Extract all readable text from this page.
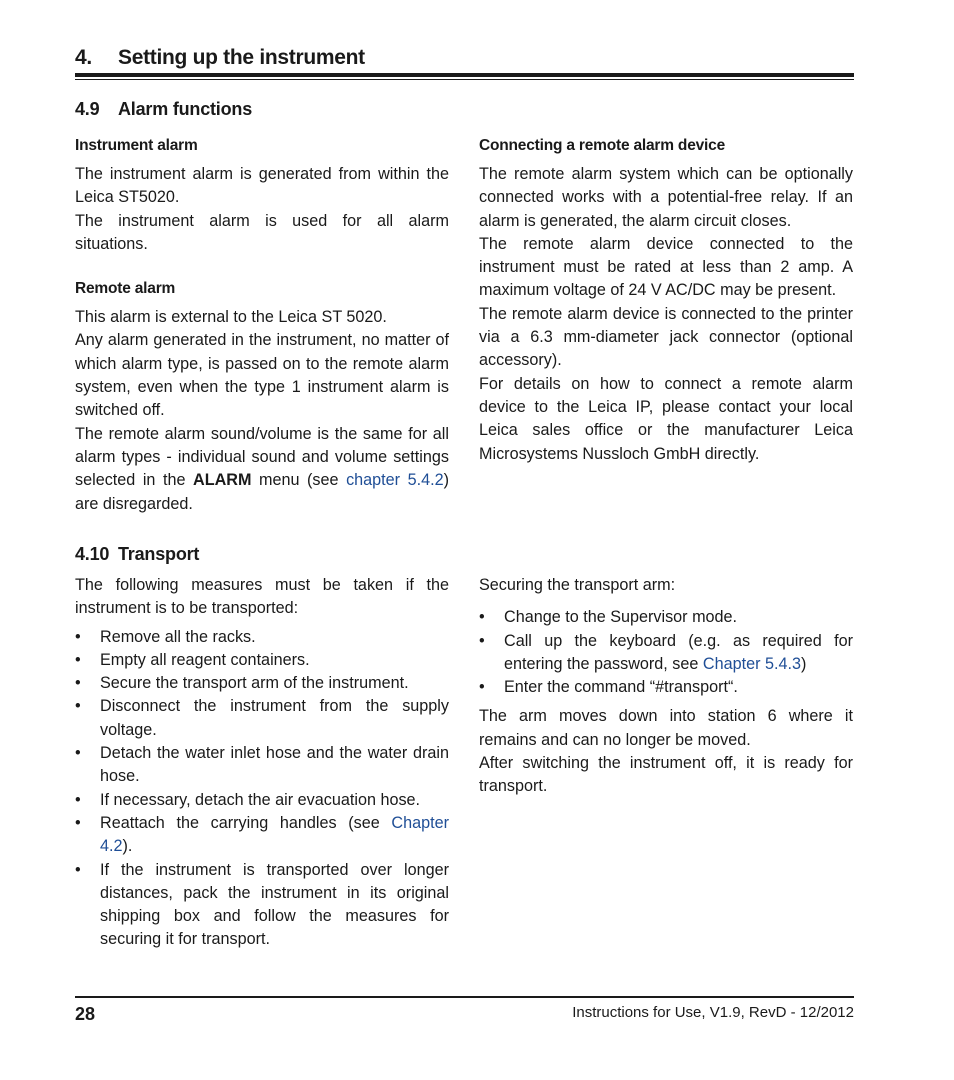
4. Setting up the instrument
4.9 Alarm functions
Instrument alarm

The instrument alarm is generated from within the Leica ST5020.

The instrument alarm is used for all alarm situations.

Remote alarm

This alarm is external to the Leica ST 5020.

Any alarm generated in the instrument, no matter of which alarm type, is passed on to the remote alarm system, even when the type 1 instrument alarm is switched off.

The remote alarm sound/volume is the same for all alarm types - individual sound and volume settings selected in the ALARM menu (see chapter 5.4.2) are disregarded.

Connecting a remote alarm device

The remote alarm system which can be optionally connected works with a potential-free relay. If an alarm is generated, the alarm circuit closes.

The remote alarm device connected to the instrument must be rated at less than 2 amp. A maximum voltage of 24 V AC/DC may be present.

The remote alarm device is connected to the printer via a 6.3 mm-diameter jack connector (optional accessory).

For details on how to connect a remote alarm device to the Leica IP, please contact your local Leica sales office or the manufacturer Leica Microsystems Nussloch GmbH directly.

4.10 Transport

The following measures must be taken if the instrument is to be transported:

• Remove all the racks.
• Empty all reagent containers.
• Secure the transport arm of the instrument.
• Disconnect the instrument from the supply voltage.
• Detach the water inlet hose and the water drain hose.
• If necessary, detach the air evacuation hose.
• Reattach the carrying handles (see Chapter 4.2).
• If the instrument is transported over longer distances, pack the instrument in its original shipping box and follow the measures for securing it for transport.

Securing the transport arm:

• Change to the Supervisor mode.
• Call up the keyboard (e.g. as required for entering the password, see Chapter 5.4.3)
• Enter the command “#transport“.

The arm moves down into station 6 where it remains and can no longer be moved.

After switching the instrument off, it is ready for transport.

28	Instructions for Use, V1.9, RevD - 12/2012
